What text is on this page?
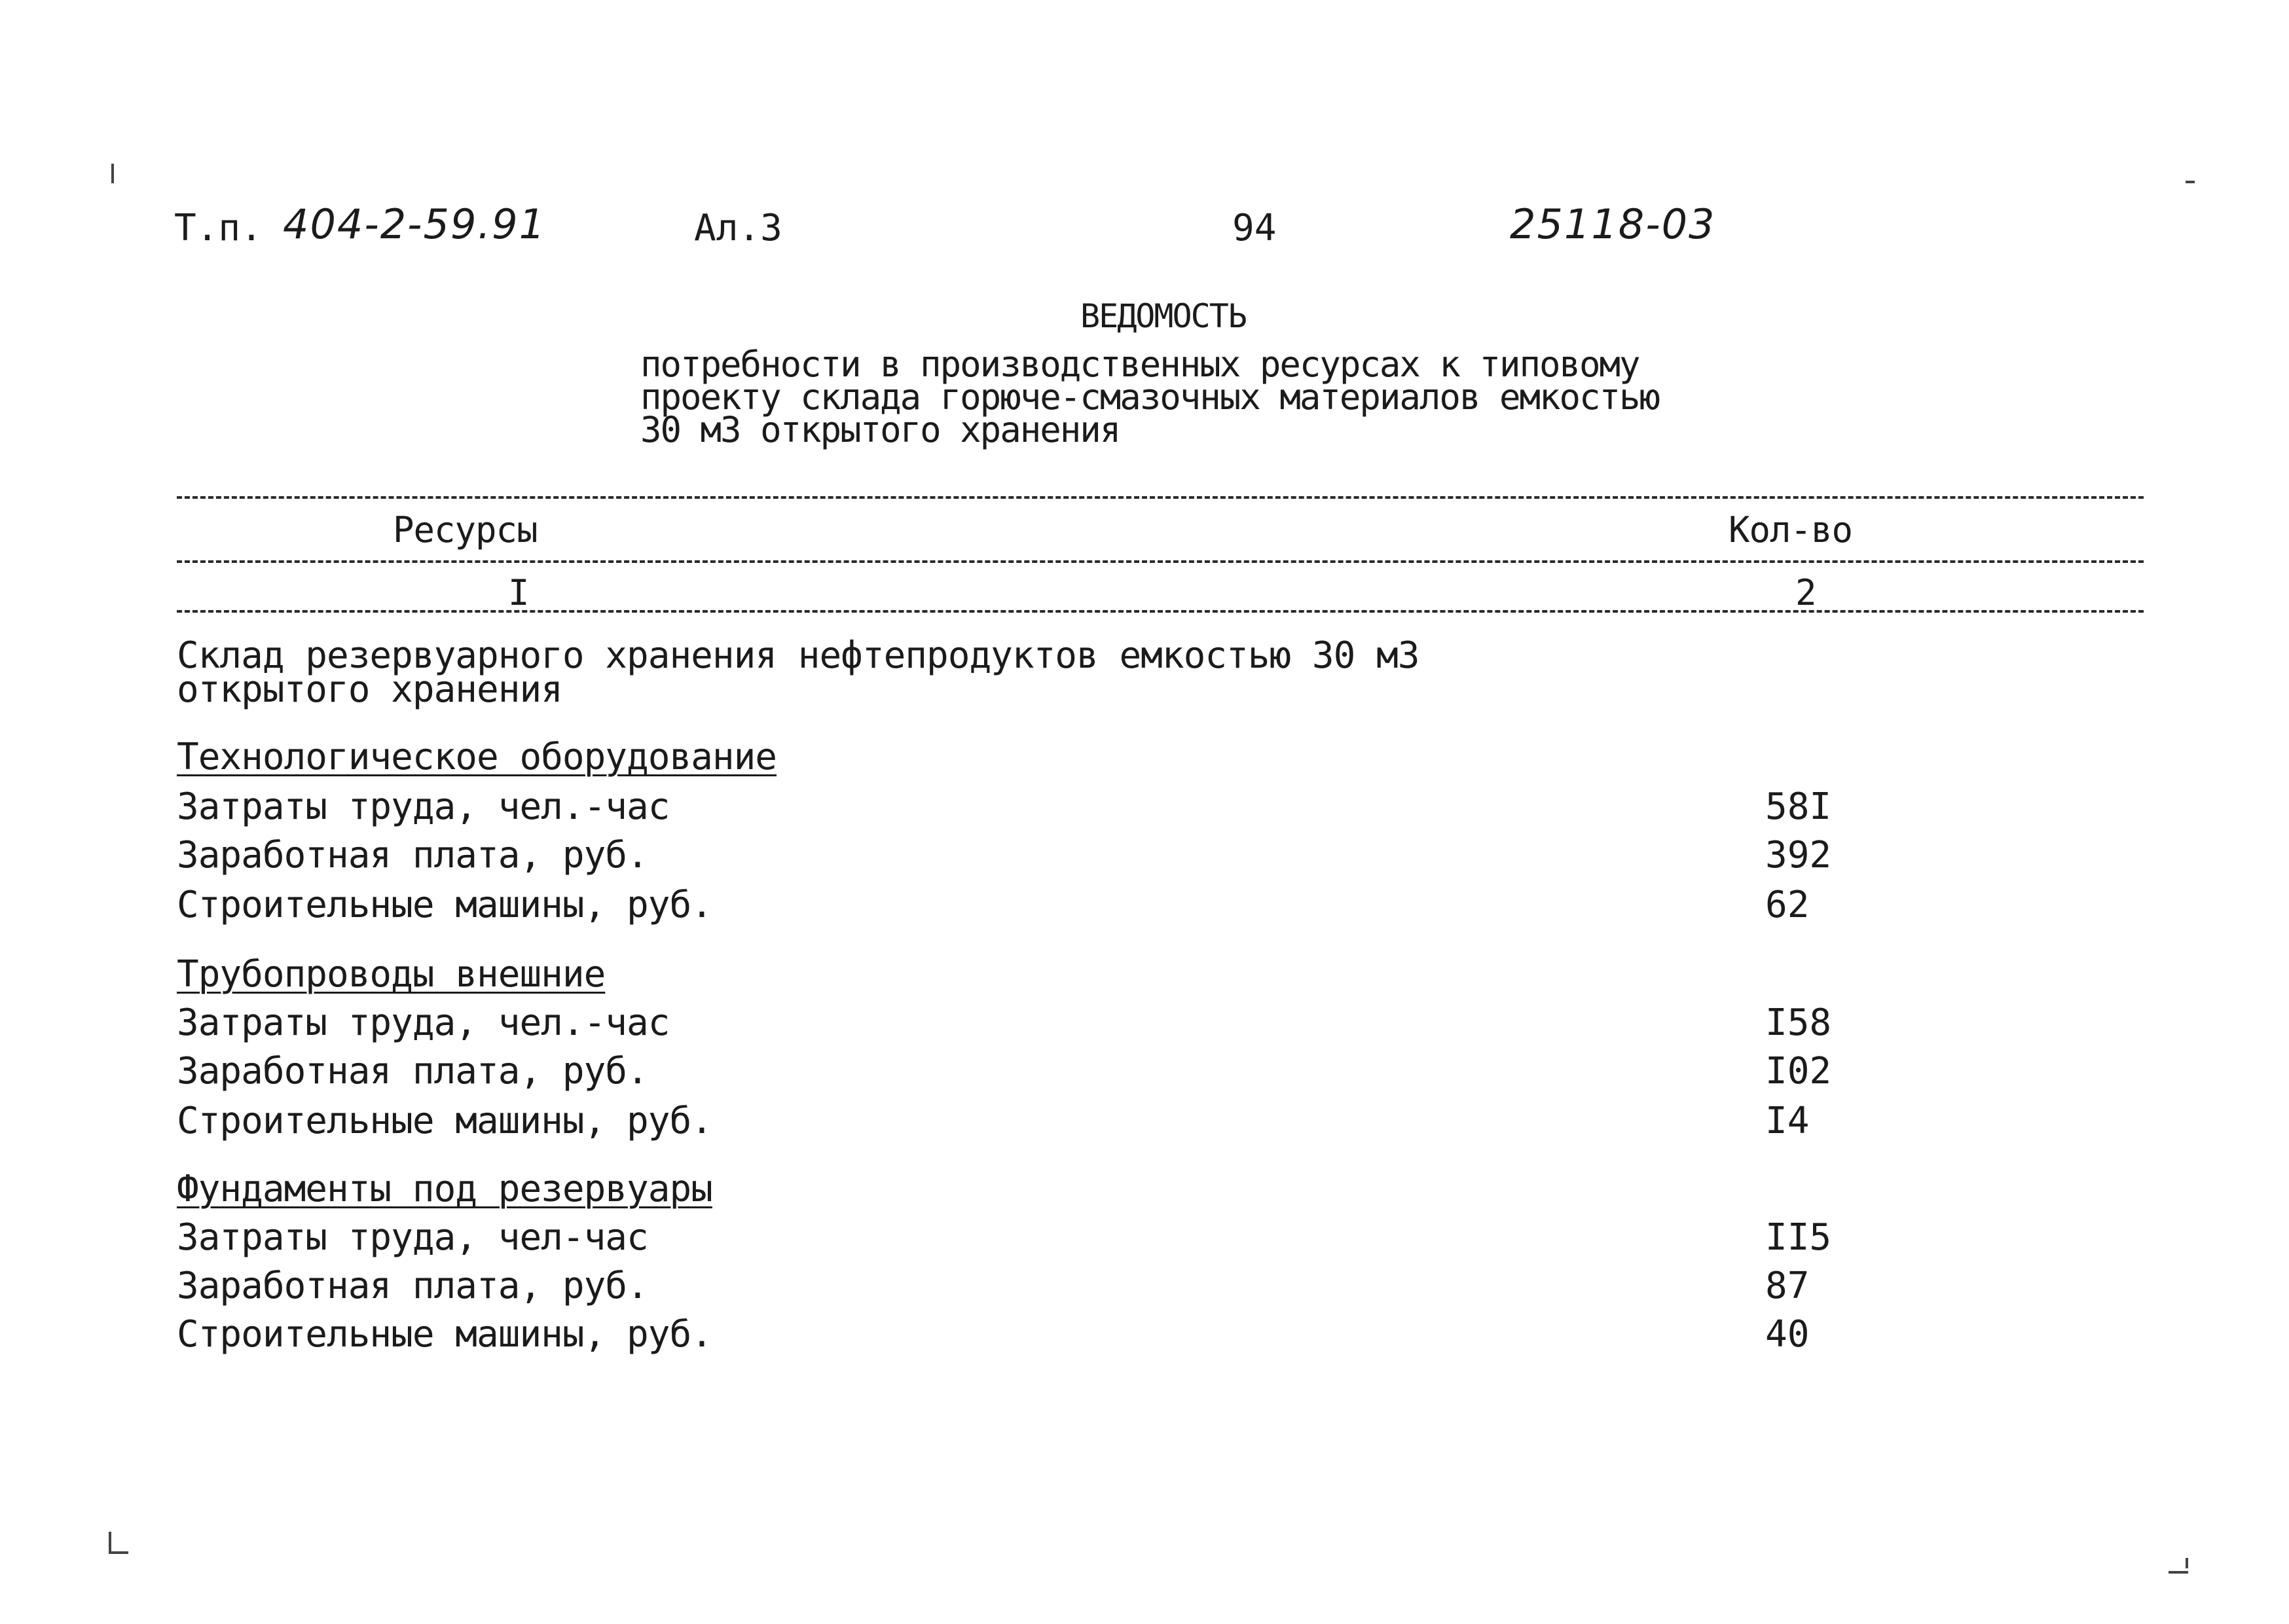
Т.п. 404-2-59.91	Ал.3	94	25118-03
ВЕДОМОСТЬ
потребности в производственных ресурсах к типовому
проекту склада горюче-смазочных материалов емкостью
30 м3 открытого хранения
Ресурсы	Кол-во
I	2
Склад резервуарного хранения нефтепродуктов емкостью 30 м3
открытого хранения
Технологическое оборудование
Затраты труда, чел.-час	58I
Заработная плата, руб.	392
Строительные машины, руб.	62
Трубопроводы внешние
Затраты труда, чел.-час	I58
Заработная плата, руб.	I02
Строительные машины, руб.	I4
Фундаменты под резервуары
Затраты труда, чел-час	II5
Заработная плата, руб.	87
Строительные машины, руб.	40
